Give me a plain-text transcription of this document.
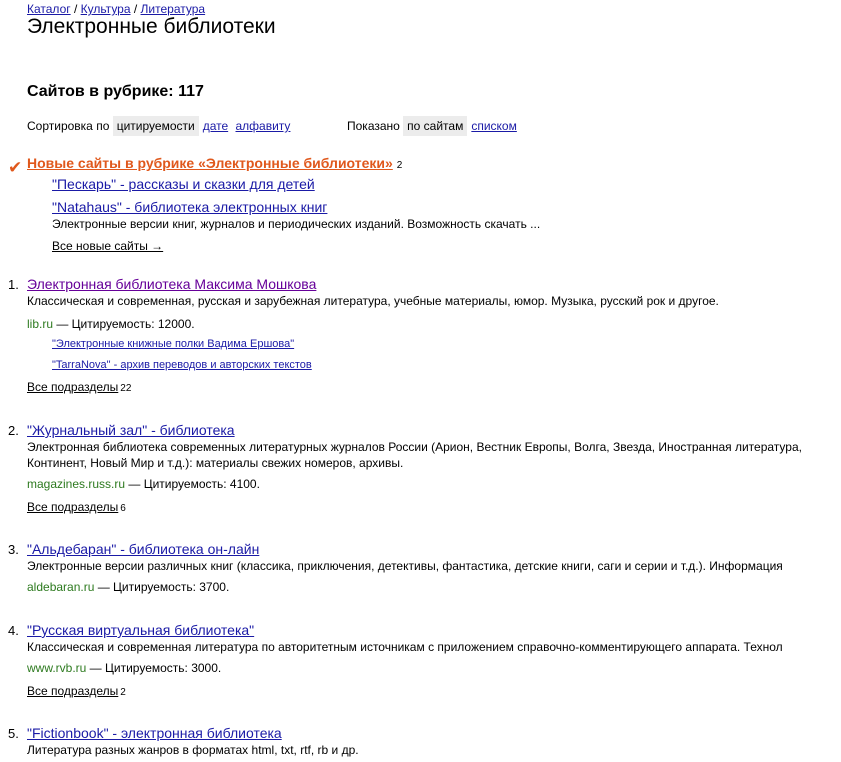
Каталог / Культура / Литература
Электронные библиотеки
Сайтов в рубрике: 117
Сортировка по цитируемости дате алфавиту	Показано по сайтам списком
✔ Новые сайты в рубрике «Электронные библиотеки» 2
"Пескарь" - рассказы и сказки для детей
"Natahaus" - библиотека электронных книг
Электронные версии книг, журналов и периодических изданий. Возможность скачать ...
Все новые сайты →
1. Электронная библиотека Максима Мошкова
Классическая и современная, русская и зарубежная литература, учебные материалы, юмор. Музыка, русский рок и другое.
lib.ru — Цитируемость: 12000.
"Электронные книжные полки Вадима Ершова"
"TarraNova" - архив переводов и авторских текстов
Все подразделы 22
2. "Журнальный зал" - библиотека
Электронная библиотека современных литературных журналов России (Арион, Вестник Европы, Волга, Звезда, Иностранная литература, Континент, Новый Мир и т.д.): материалы свежих номеров, архивы.
magazines.russ.ru — Цитируемость: 4100.
Все подразделы 6
3. "Альдебаран" - библиотека он-лайн
Электронные версии различных книг (классика, приключения, детективы, фантастика, детские книги, саги и серии и т.д.). Информация
aldebaran.ru — Цитируемость: 3700.
4. "Русская виртуальная библиотека"
Классическая и современная литература по авторитетным источникам с приложением справочно-комментирующего аппарата. Технол
www.rvb.ru — Цитируемость: 3000.
Все подразделы 2
5. "Fictionbook" - электронная библиотека
Литература разных жанров в форматах html, txt, rtf, rb и др.
